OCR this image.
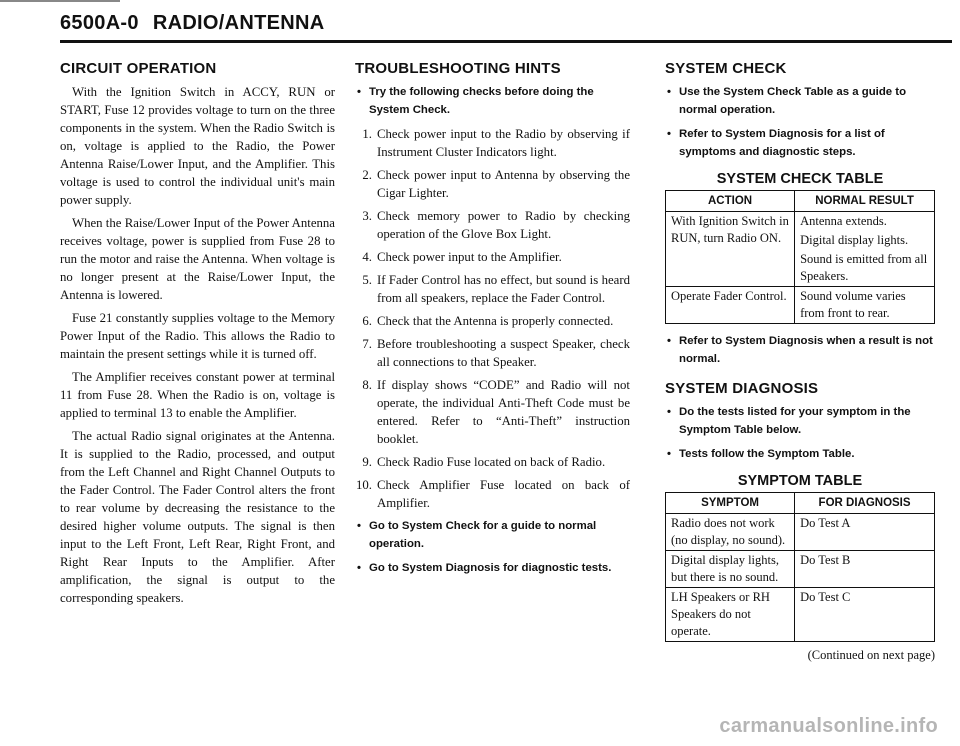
6500A-0 RADIO/ANTENNA
CIRCUIT OPERATION

With the Ignition Switch in ACCY, RUN or START, Fuse 12 provides voltage to turn on the three components in the system. When the Radio Switch is on, voltage is applied to the Radio, the Power Antenna Raise/Lower Input, and the Amplifier. This voltage is used to control the individual unit's main power supply.

When the Raise/Lower Input of the Power Antenna receives voltage, power is supplied from Fuse 28 to run the motor and raise the Antenna. When voltage is no longer present at the Raise/Lower Input, the Antenna is lowered.

Fuse 21 constantly supplies voltage to the Memory Power Input of the Radio. This allows the Radio to maintain the present settings while it is turned off.

The Amplifier receives constant power at terminal 11 from Fuse 28. When the Radio is on, voltage is applied to terminal 13 to enable the Amplifier.

The actual Radio signal originates at the Antenna. It is supplied to the Radio, processed, and output from the Left Channel and Right Channel Outputs to the Fader Control. The Fader Control alters the front to rear volume by decreasing the resistance to the desired higher volume outputs. The signal is then input to the Left Front, Left Rear, Right Front, and Right Rear Inputs to the Amplifier. After amplification, the signal is output to the corresponding speakers.

TROUBLESHOOTING HINTS
• Try the following checks before doing the System Check.
1. Check power input to the Radio by observing if Instrument Cluster Indicators light.
2. Check power input to Antenna by observing the Cigar Lighter.
3. Check memory power to Radio by checking operation of the Glove Box Light.
4. Check power input to the Amplifier.
5. If Fader Control has no effect, but sound is heard from all speakers, replace the Fader Control.
6. Check that the Antenna is properly connected.
7. Before troubleshooting a suspect Speaker, check all connections to that Speaker.
8. If display shows “CODE” and Radio will not operate, the individual Anti-Theft Code must be entered. Refer to “Anti-Theft” instruction booklet.
9. Check Radio Fuse located on back of Radio.
10. Check Amplifier Fuse located on back of Amplifier.
• Go to System Check for a guide to normal operation.
• Go to System Diagnosis for diagnostic tests.
SYSTEM CHECK
• Use the System Check Table as a guide to normal operation.
• Refer to System Diagnosis for a list of symptoms and diagnostic steps.
SYSTEM CHECK TABLE
ACTION	NORMAL RESULT
With Ignition Switch in RUN, turn Radio ON.	Antenna extends.
	Digital display lights.
	Sound is emitted from all Speakers.
Operate Fader Control.	Sound volume varies from front to rear.
• Refer to System Diagnosis when a result is not normal.
SYSTEM DIAGNOSIS
• Do the tests listed for your symptom in the Symptom Table below.
• Tests follow the Symptom Table.
SYMPTOM TABLE
SYMPTOM	FOR DIAGNOSIS
Radio does not work (no display, no sound).	Do Test A
Digital display lights, but there is no sound.	Do Test B
LH Speakers or RH Speakers do not operate.	Do Test C
(Continued on next page)
carmanualsonline.info
